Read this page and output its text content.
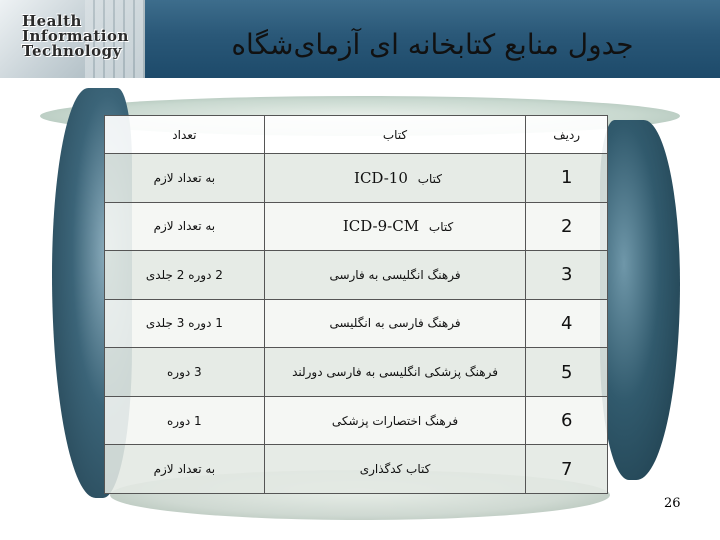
Health
Information
Technology	جدول منابع کتابخانه ای آزمای‌شگاه
ردیف	کتاب	تعداد
1	کتاب ICD-10	به تعداد لازم
2	کتاب ICD-9-CM	به تعداد لازم
3	فرهنگ انگلیسی به فارسی	2 دوره 2 جلدی
4	فرهنگ فارسی به انگلیسی	1 دوره 3 جلدی
5	فرهنگ پزشکی انگلیسی به فارسی دورلند	3 دوره
6	فرهنگ اختصارات پزشکی	1 دوره
7	کتاب کدگذاری	به تعداد لازم
26
